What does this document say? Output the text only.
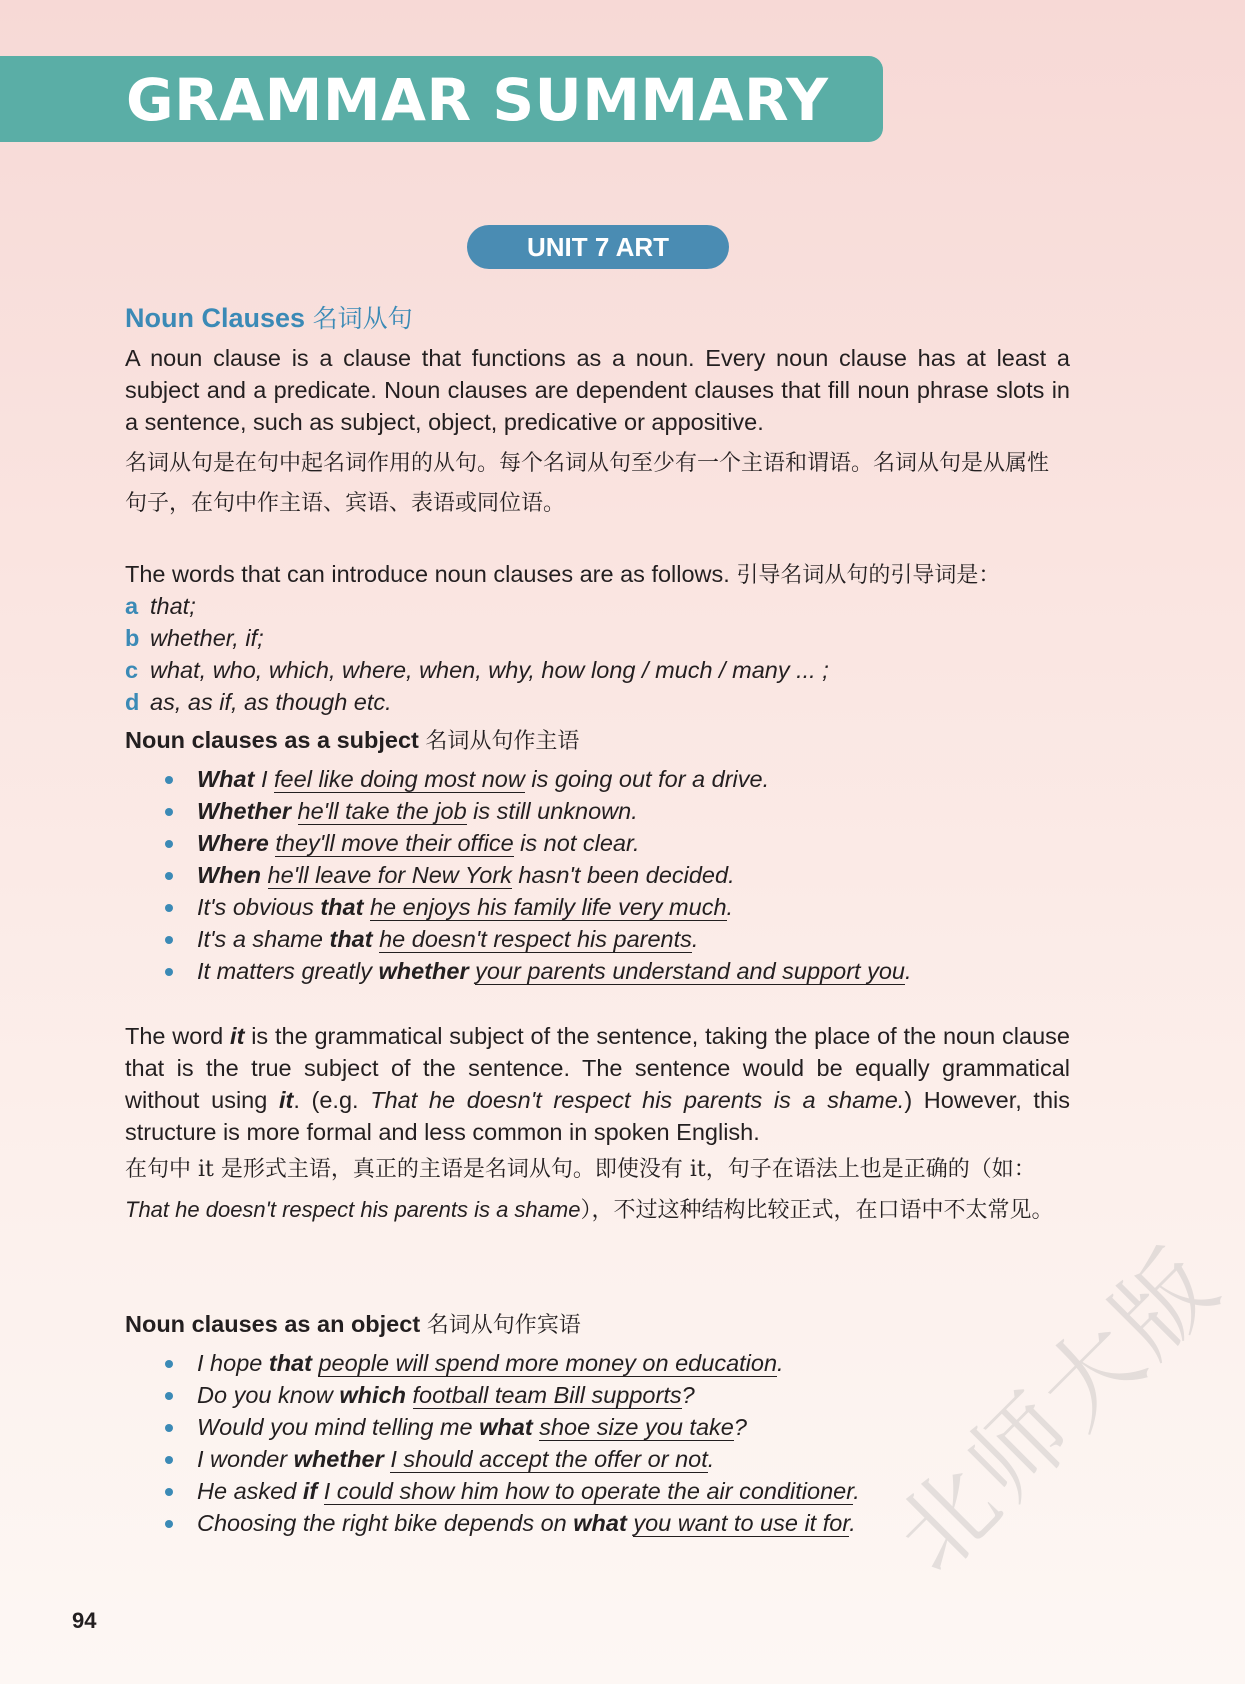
GRAMMAR SUMMARY
UNIT 7 ART
Noun Clauses 名词从句

A noun clause is a clause that functions as a noun. Every noun clause has at least a subject and a predicate. Noun clauses are dependent clauses that fill noun phrase slots in a sentence, such as subject, object, predicative or appositive.

名词从句是在句中起名词作用的从句。每个名词从句至少有一个主语和谓语。名词从句是从属性句子，在句中作主语、宾语、表语或同位语。

The words that can introduce noun clauses are as follows. 引导名词从句的引导词是：

a that;
b whether, if;
c what, who, which, where, when, why, how long / much / many ... ;
d as, as if, as though etc.

Noun clauses as a subject 名词从句作主语

What I feel like doing most now is going out for a drive.
Whether he'll take the job is still unknown.
Where they'll move their office is not clear.
When he'll leave for New York hasn't been decided.
It's obvious that he enjoys his family life very much.
It's a shame that he doesn't respect his parents.
It matters greatly whether your parents understand and support you.

The word it is the grammatical subject of the sentence, taking the place of the noun clause that is the true subject of the sentence. The sentence would be equally grammatical without using it. (e.g. That he doesn't respect his parents is a shame.) However, this structure is more formal and less common in spoken English.

在句中 it 是形式主语，真正的主语是名词从句。即使没有 it，句子在语法上也是正确的（如：That he doesn't respect his parents is a shame），不过这种结构比较正式，在口语中不太常见。

Noun clauses as an object 名词从句作宾语

I hope that people will spend more money on education.
Do you know which football team Bill supports?
Would you mind telling me what shoe size you take?
I wonder whether I should accept the offer or not.
He asked if I could show him how to operate the air conditioner.
Choosing the right bike depends on what you want to use it for.

94

北师大版
